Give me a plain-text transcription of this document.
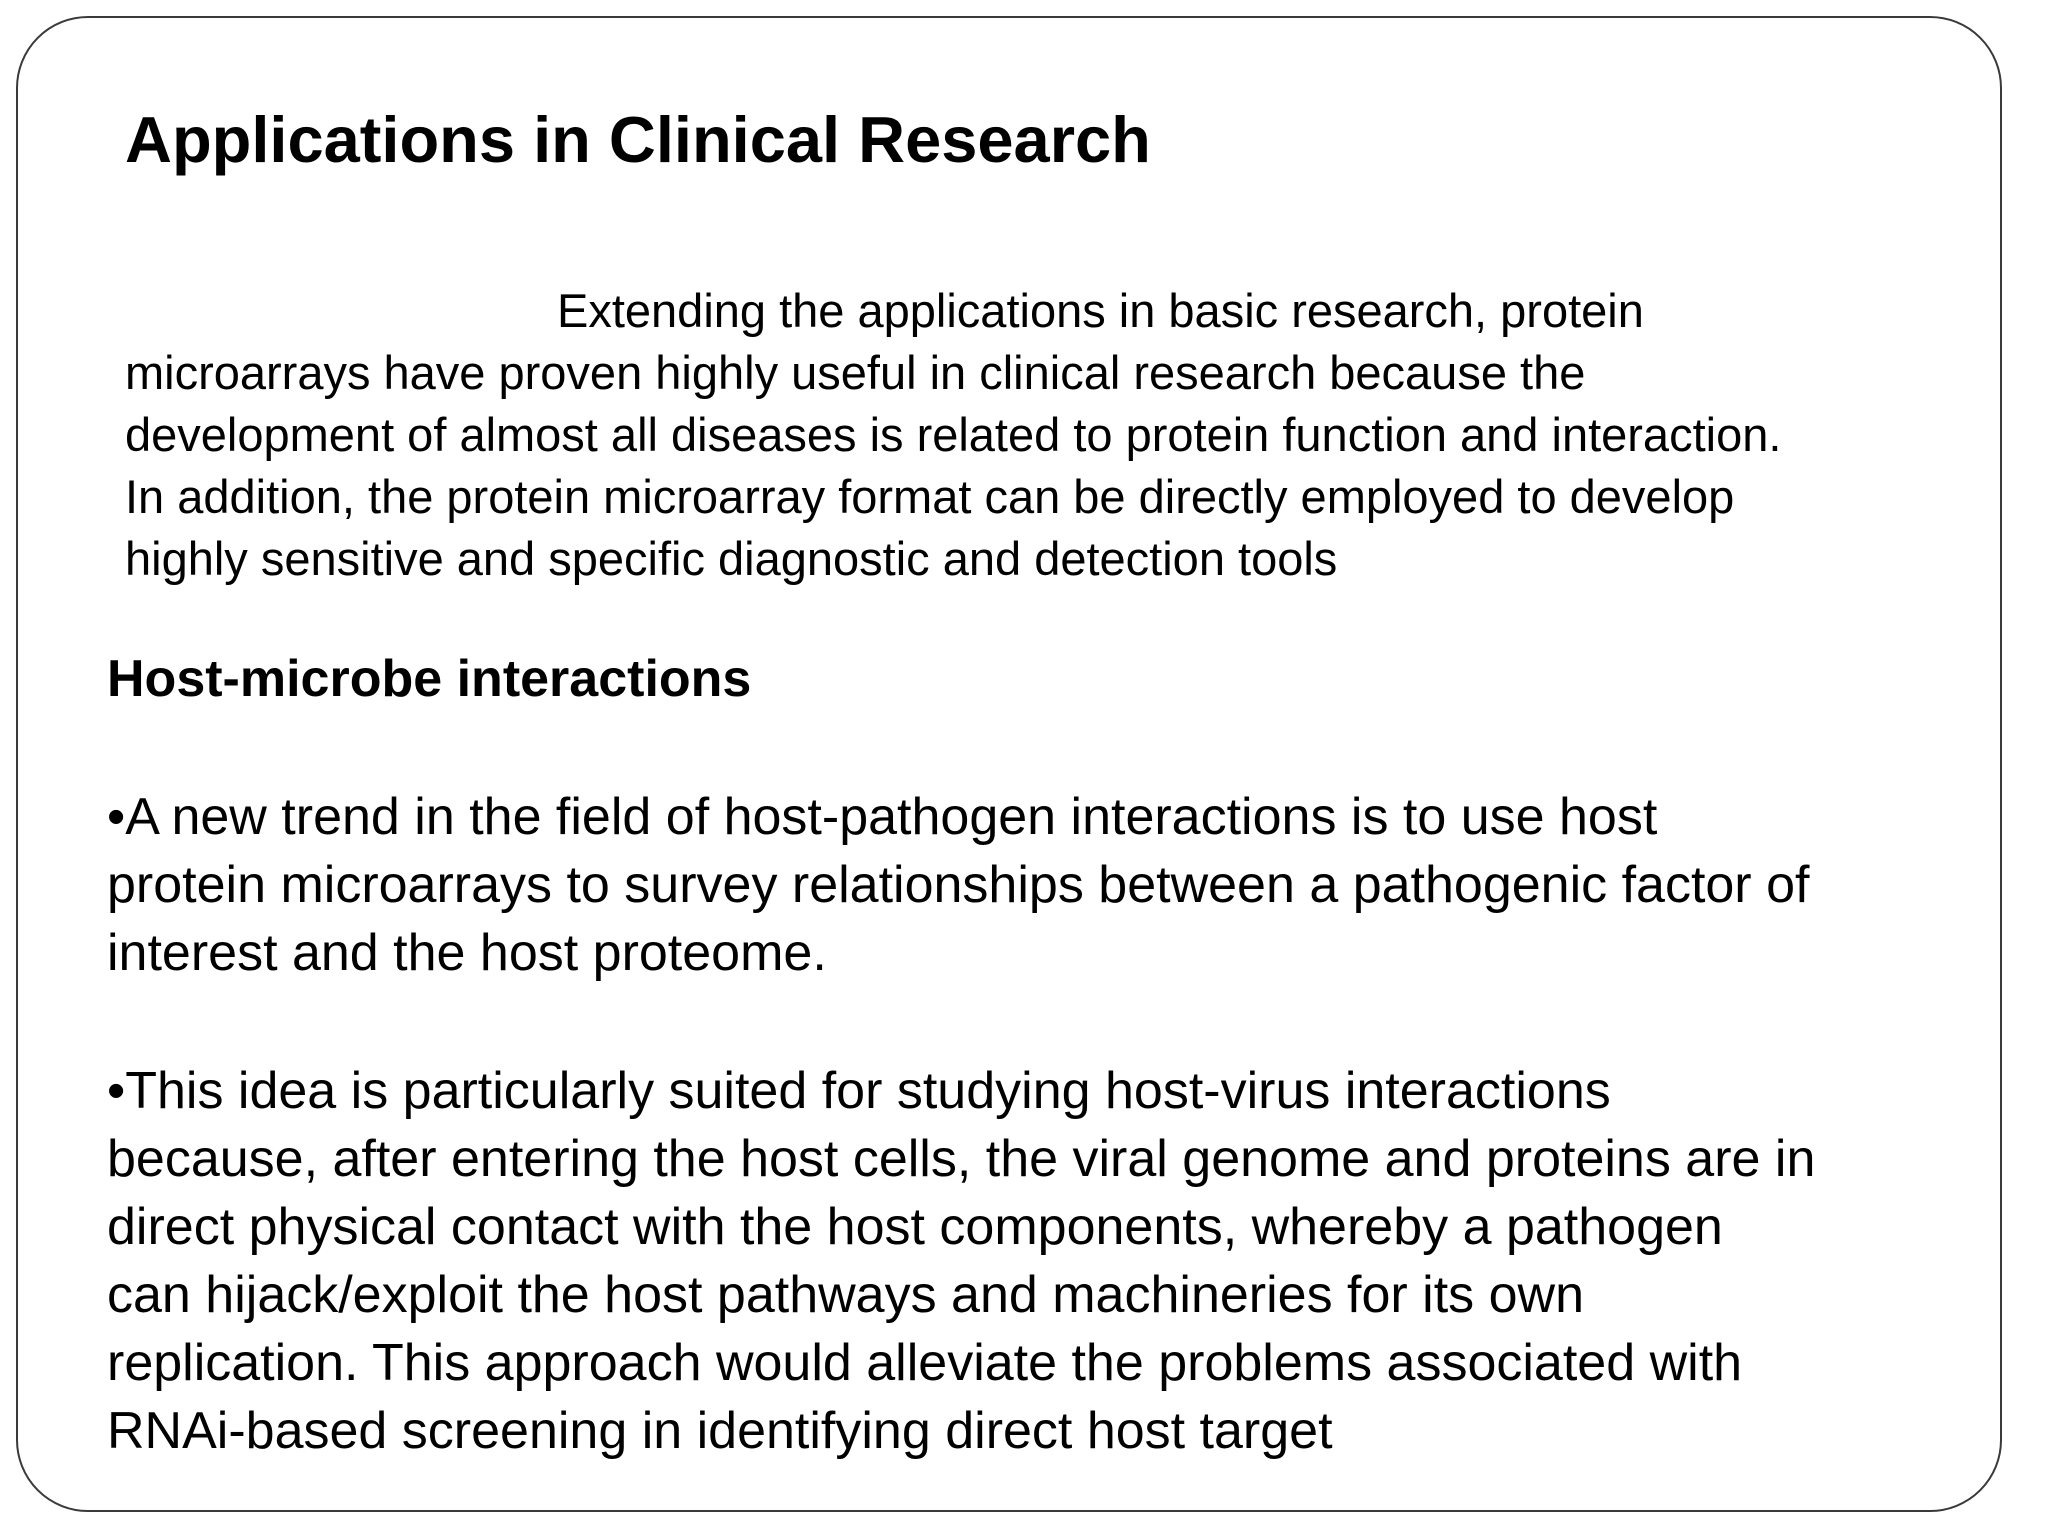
Applications in Clinical Research

Extending the applications in basic research, protein
microarrays have proven highly useful in clinical research because the
development of almost all diseases is related to protein function and interaction.
In addition, the protein microarray format can be directly employed to develop
highly sensitive and specific diagnostic and detection tools

Host-microbe interactions

•A new trend in the field of host-pathogen interactions is to use host
protein microarrays to survey relationships between a pathogenic factor of
interest and the host proteome.

•This idea is particularly suited for studying host-virus interactions
because, after entering the host cells, the viral genome and proteins are in
direct physical contact with the host components, whereby a pathogen
can hijack/exploit the host pathways and machineries for its own
replication. This approach would alleviate the problems associated with
RNAi-based screening in identifying direct host target
